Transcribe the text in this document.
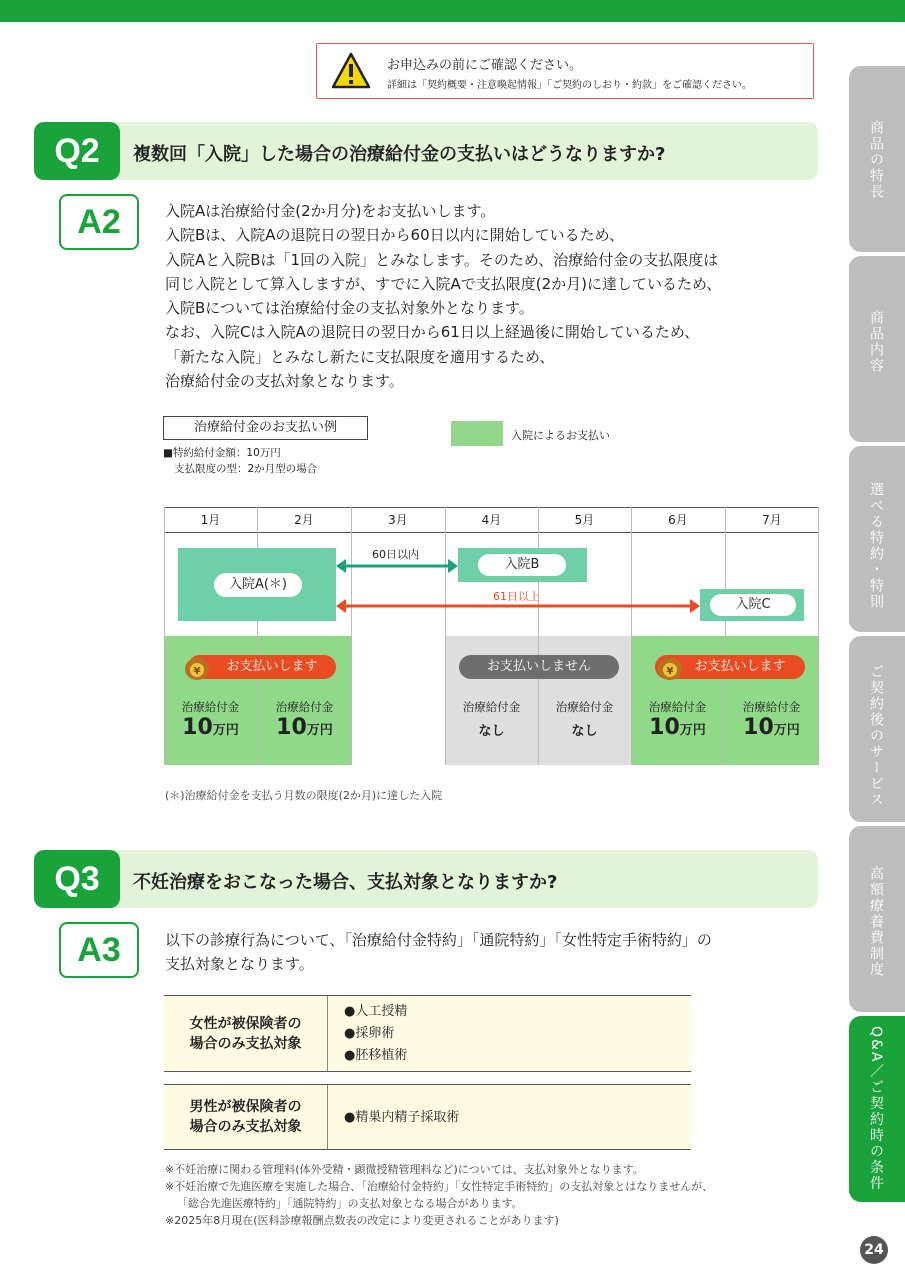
お申込みの前にご確認ください。
詳細は「契約概要・注意喚起情報」「ご契約のしおり・約款」をご確認ください。
商品の特長
商品内容
選べる特約・特則
ご契約後のサービス
高額療養費制度
Q&A／ご契約時の条件
Q2	複数回「入院」した場合の治療給付金の支払いはどうなりますか?
A2	入院Aは治療給付金(2か月分)をお支払いします。
入院Bは、入院Aの退院日の翌日から60日以内に開始しているため、
入院Aと入院Bは「1回の入院」とみなします。そのため、治療給付金の支払限度は
同じ入院として算入しますが、すでに入院Aで支払限度(2か月)に達しているため、
入院Bについては治療給付金の支払対象外となります。
なお、入院Cは入院Aの退院日の翌日から61日以上経過後に開始しているため、
「新たな入院」とみなし新たに支払限度を適用するため、
治療給付金の支払対象となります。
治療給付金のお支払い例
■特約給付金額：10万円
支払限度の型：2か月型の場合
入院によるお支払い
1月	2月	3月	4月	5月	6月	7月
入院A(＊)
入院B
入院C
60日以内
61日以上
お支払いします
¥	お支払いしません	お支払いします
¥
治療給付金
10万円
治療給付金
10万円
治療給付金
なし
治療給付金
なし
治療給付金
10万円
治療給付金
10万円
(＊)治療給付金を支払う月数の限度(2か月)に達した入院
Q3	不妊治療をおこなった場合、支払対象となりますか?
A3	以下の診療行為について、「治療給付金特約」「通院特約」「女性特定手術特約」の
支払対象となります。
女性が被保険者の
場合のみ支払対象
●人工授精
●採卵術
●胚移植術
男性が被保険者の
場合のみ支払対象
●精巣内精子採取術
※不妊治療に関わる管理料(体外受精・顕微授精管理料など)については、支払対象外となります。
※不妊治療で先進医療を実施した場合、「治療給付金特約」「女性特定手術特約」の支払対象とはなりませんが、
「総合先進医療特約」「通院特約」の支払対象となる場合があります。
※2025年8月現在(医科診療報酬点数表の改定により変更されることがあります)
24
